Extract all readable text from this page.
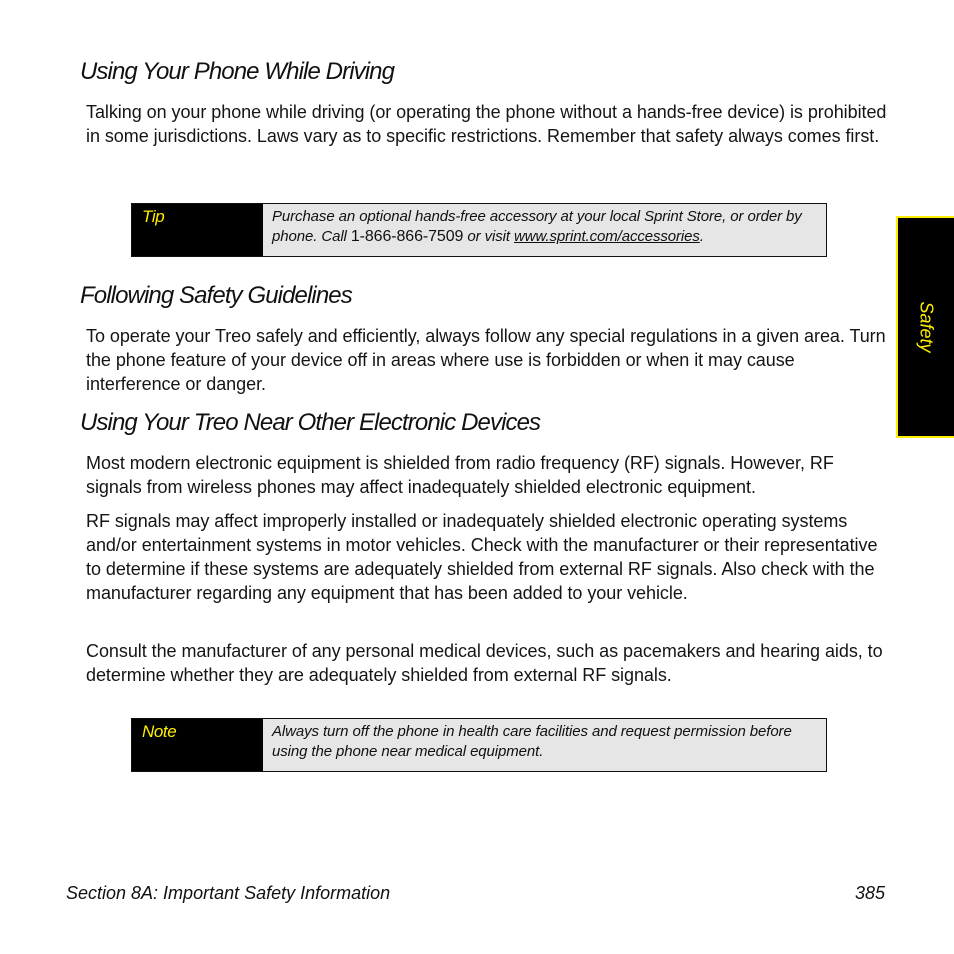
Using Your Phone While Driving

Talking on your phone while driving (or operating the phone without a hands-free device) is prohibited in some jurisdictions. Laws vary as to specific restrictions. Remember that safety always comes first.

Tip	Purchase an optional hands-free accessory at your local Sprint Store, or order by phone. Call 1-866-866-7509 or visit www.sprint.com/accessories.
Following Safety Guidelines

To operate your Treo safely and efficiently, always follow any special regulations in a given area. Turn the phone feature of your device off in areas where use is forbidden or when it may cause interference or danger.

Using Your Treo Near Other Electronic Devices

Most modern electronic equipment is shielded from radio frequency (RF) signals. However, RF signals from wireless phones may affect inadequately shielded electronic equipment.

RF signals may affect improperly installed or inadequately shielded electronic operating systems and/or entertainment systems in motor vehicles. Check with the manufacturer or their representative to determine if these systems are adequately shielded from external RF signals. Also check with the manufacturer regarding any equipment that has been added to your vehicle.

Consult the manufacturer of any personal medical devices, such as pacemakers and hearing aids, to determine whether they are adequately shielded from external RF signals.

Note	Always turn off the phone in health care facilities and request permission before using the phone near medical equipment.
Safety

Section 8A: Important Safety Information	385
